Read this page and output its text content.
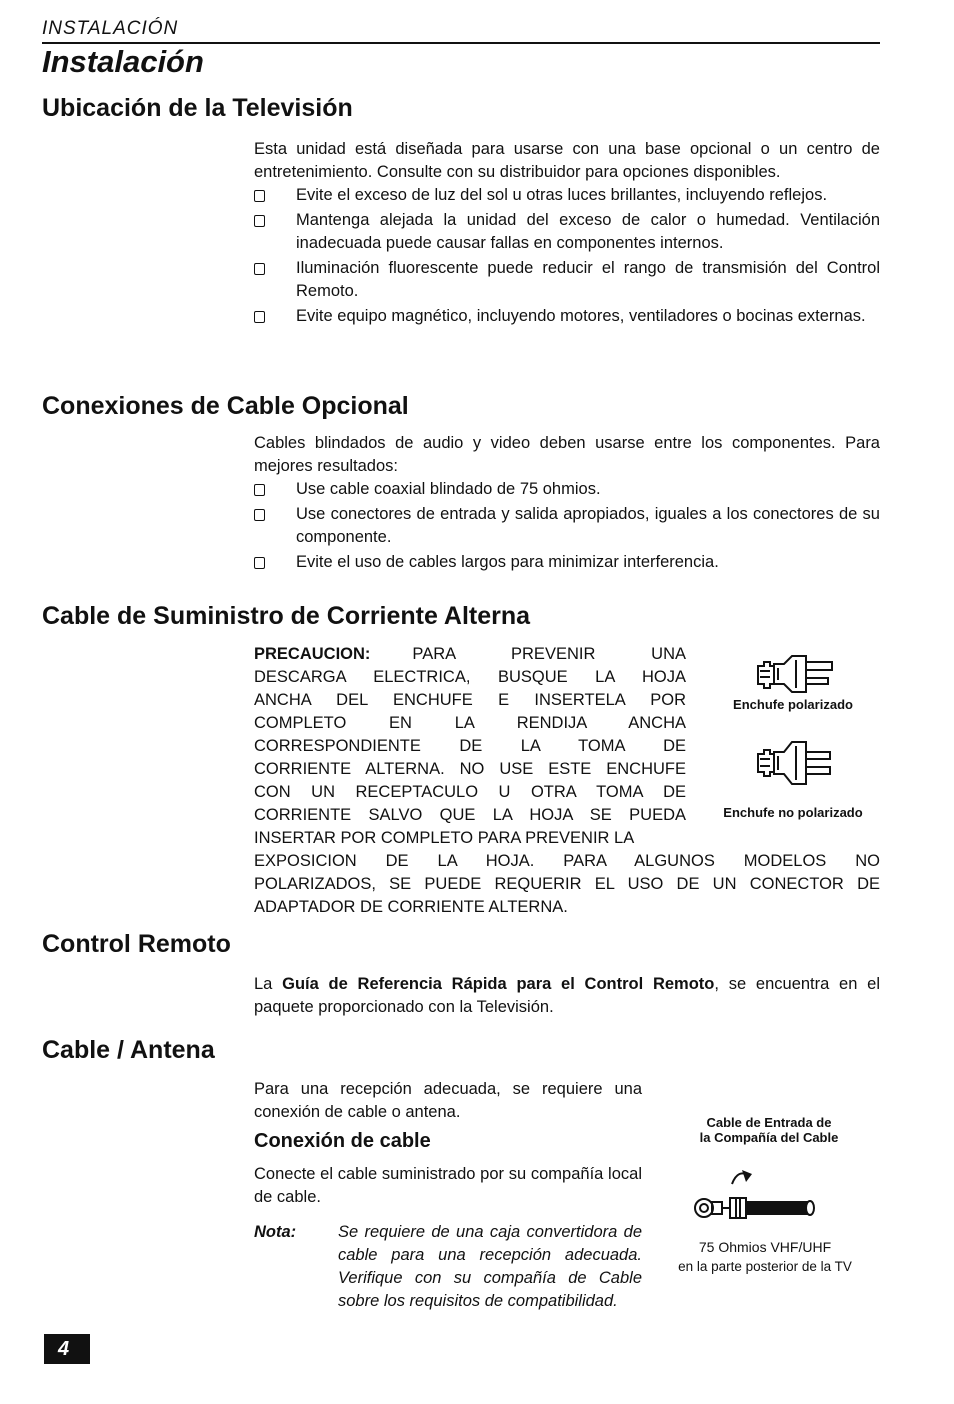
INSTALACIÓN
Instalación
Ubicación de la Televisión
Esta unidad está diseñada para usarse con una base opcional o un centro de entretenimiento. Consulte con su distribuidor para opciones disponibles.
Evite el exceso de luz del sol u otras luces brillantes, incluyendo reflejos.
Mantenga alejada la unidad del exceso de calor o humedad. Ventilación inadecuada puede causar fallas en componentes internos.
Iluminación fluorescente puede reducir el rango de transmisión del Control Remoto.
Evite equipo magnético, incluyendo motores, ventiladores o bocinas externas.
Conexiones de Cable Opcional
Cables blindados de audio y video deben usarse entre los componentes. Para mejores resultados:
Use cable coaxial blindado de 75 ohmios.
Use conectores de entrada y salida apropiados, iguales a los conectores de su componente.
Evite el uso de cables largos para minimizar interferencia.
Cable de Suministro de Corriente Alterna
PRECAUCION:	PARA PREVENIR UNA
DESCARGA ELECTRICA, BUSQUE LA HOJA
ANCHA DEL ENCHUFE E INSERTELA POR
COMPLETO EN LA RENDIJA ANCHA
CORRESPONDIENTE DE LA TOMA DE
CORRIENTE ALTERNA. NO USE ESTE ENCHUFE
CON UN RECEPTACULO U OTRA TOMA DE
CORRIENTE SALVO QUE LA HOJA SE PUEDA
INSERTAR POR COMPLETO PARA PREVENIR LA
EXPOSICION DE LA HOJA. PARA ALGUNOS MODELOS NO
POLARIZADOS, SE PUEDE REQUERIR EL USO DE UN CONECTOR DE
ADAPTADOR DE CORRIENTE ALTERNA.
Enchufe polarizado
Enchufe no polarizado
Control Remoto
La Guía de Referencia Rápida para el Control Remoto, se encuentra en el paquete proporcionado con la Televisión.
Cable / Antena
Para una recepción adecuada, se requiere una conexión de cable o antena.
Conexión de cable
Conecte el cable suministrado por su compañía local de cable.
Nota:	Se requiere de una caja convertidora de cable para una recepción adecuada. Verifique con su compañía de Cable sobre los requisitos de compatibilidad.
Cable de Entrada de
la Compañía del Cable
75 Ohmios VHF/UHF
en la parte posterior de la TV
4
